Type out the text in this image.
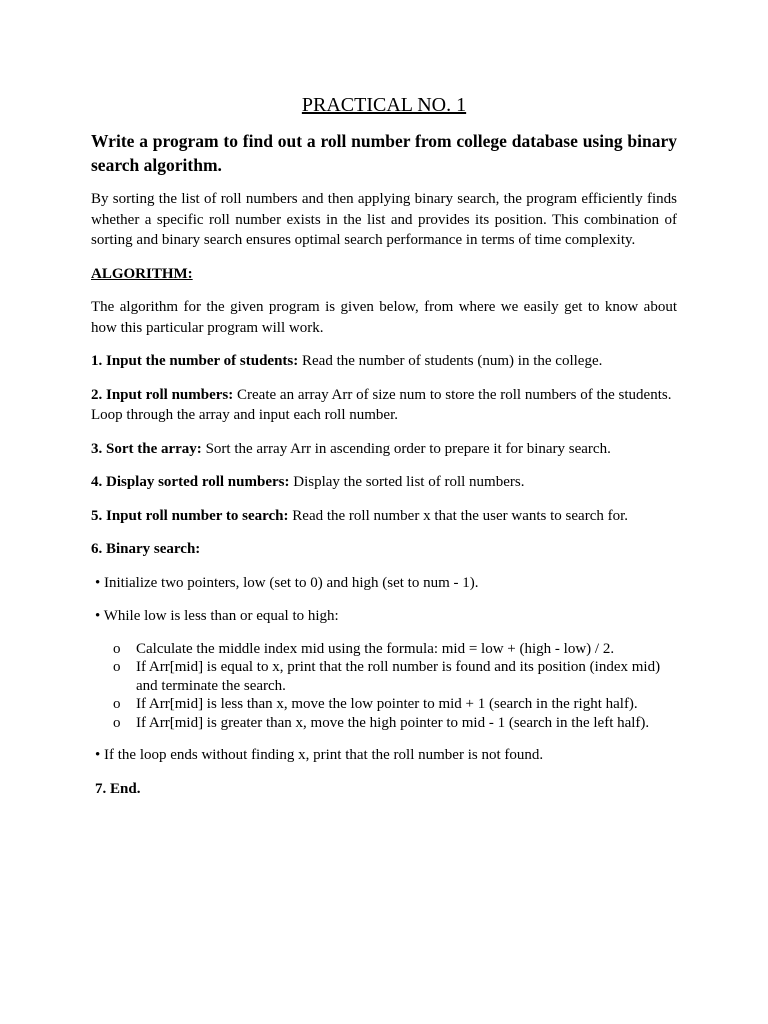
PRACTICAL NO. 1
Write a program to find out a roll number from college database using binary search algorithm.
By sorting the list of roll numbers and then applying binary search, the program efficiently finds whether a specific roll number exists in the list and provides its position. This combination of sorting and binary search ensures optimal search performance in terms of time complexity.
ALGORITHM:
The algorithm for the given program is given below, from where we easily get to know about how this particular program will work.
1. Input the number of students: Read the number of students (num) in the college.
2. Input roll numbers: Create an array Arr of size num to store the roll numbers of the students. Loop through the array and input each roll number.
3. Sort the array: Sort the array Arr in ascending order to prepare it for binary search.
4. Display sorted roll numbers: Display the sorted list of roll numbers.
5. Input roll number to search: Read the roll number x that the user wants to search for.
6. Binary search:
• Initialize two pointers, low (set to 0) and high (set to num - 1).
• While low is less than or equal to high:
o Calculate the middle index mid using the formula: mid = low + (high - low) / 2.
o If Arr[mid] is equal to x, print that the roll number is found and its position (index mid) and terminate the search.
o If Arr[mid] is less than x, move the low pointer to mid + 1 (search in the right half).
o If Arr[mid] is greater than x, move the high pointer to mid - 1 (search in the left half).
• If the loop ends without finding x, print that the roll number is not found.
7. End.
